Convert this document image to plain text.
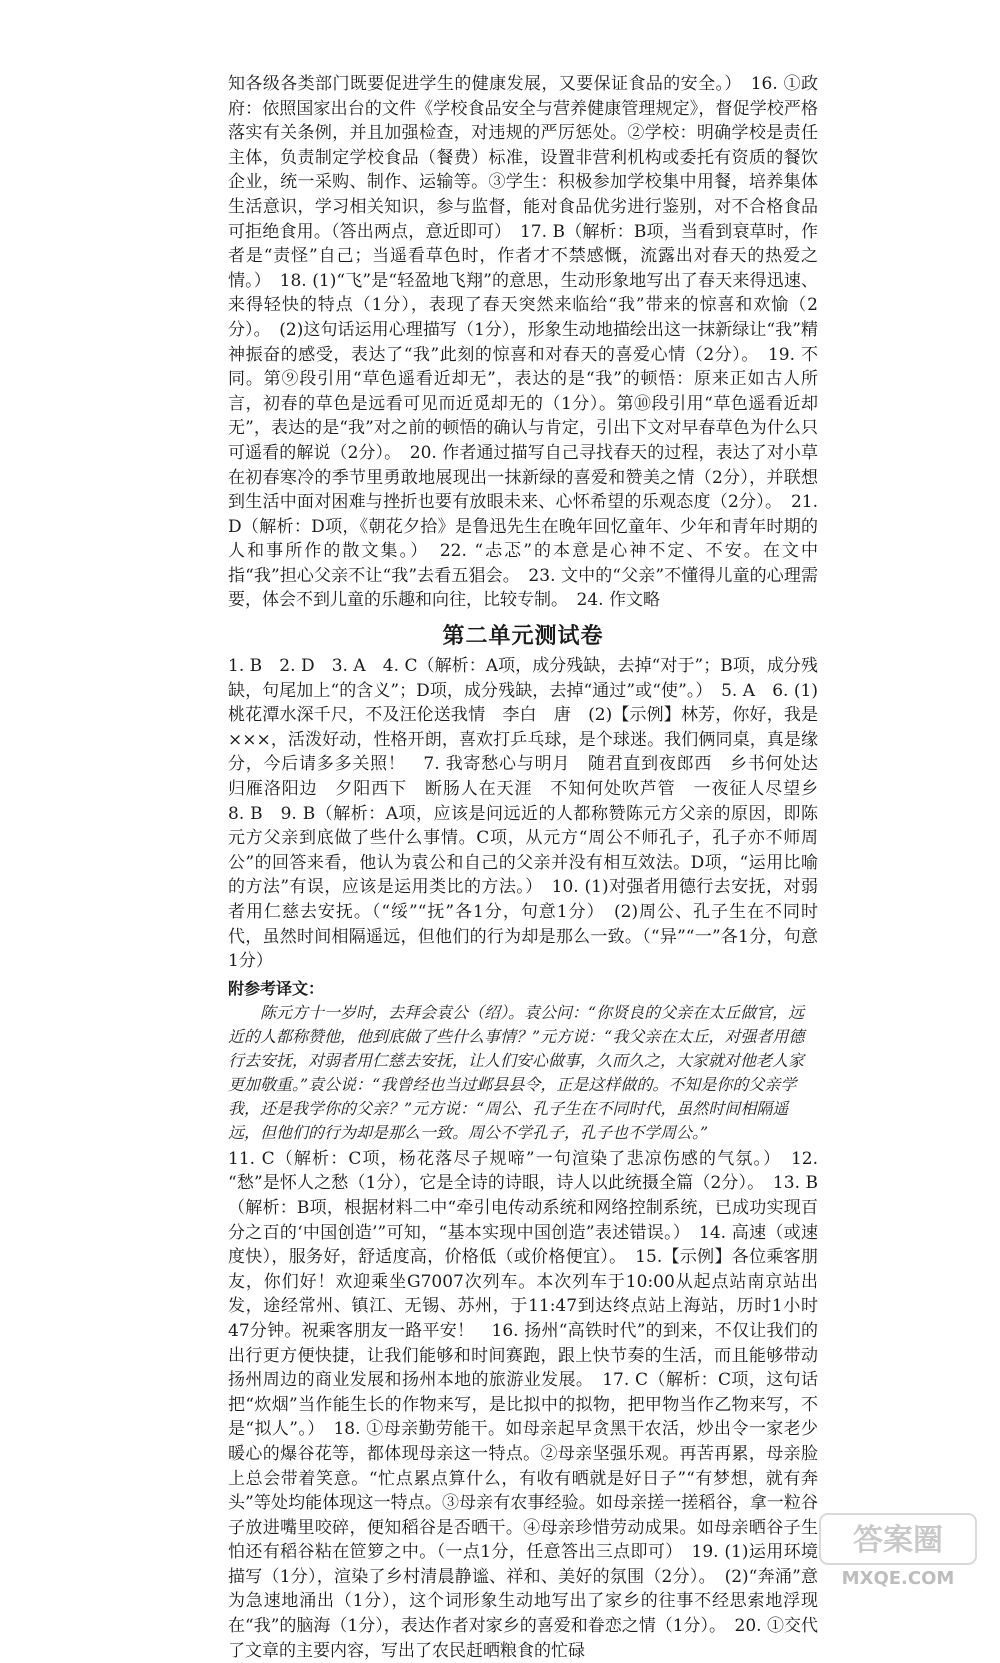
知各级各类部门既要促进学生的健康发展，又要保证食品的安全。）　16. ①政府：依照国家出台的文件《学校食品安全与营养健康管理规定》，督促学校严格落实有关条例，并且加强检查，对违规的严厉惩处。②学校：明确学校是责任主体，负责制定学校食品（餐费）标准，设置非营利机构或委托有资质的餐饮企业，统一采购、制作、运输等。③学生：积极参加学校集中用餐，培养集体生活意识，学习相关知识，参与监督，能对食品优劣进行鉴别，对不合格食品可拒绝食用。（答出两点，意近即可）　17. B（解析：B项，当看到衰草时，作者是“责怪”自己；当遥看草色时，作者才不禁感慨，流露出对春天的热爱之情。）　18. (1)“飞”是“轻盈地飞翔”的意思，生动形象地写出了春天来得迅速、来得轻快的特点（1分），表现了春天突然来临给“我”带来的惊喜和欢愉（2分）。　(2)这句话运用心理描写（1分），形象生动地描绘出这一抹新绿让“我”精神振奋的感受，表达了“我”此刻的惊喜和对春天的喜爱心情（2分）。　19. 不同。第⑨段引用“草色遥看近却无”，表达的是“我”的顿悟：原来正如古人所言，初春的草色是远看可见而近觅却无的（1分）。第⑩段引用“草色遥看近却无”，表达的是“我”对之前的顿悟的确认与肯定，引出下文对早春草色为什么只可遥看的解说（2分）。　20. 作者通过描写自己寻找春天的过程，表达了对小草在初春寒冷的季节里勇敢地展现出一抹新绿的喜爱和赞美之情（2分），并联想到生活中面对困难与挫折也要有放眼未来、心怀希望的乐观态度（2分）。　21. D（解析：D项，《朝花夕拾》是鲁迅先生在晚年回忆童年、少年和青年时期的人和事所作的散文集。）　22. “忐忑”的本意是心神不定、不安。在文中指“我”担心父亲不让“我”去看五猖会。　23. 文中的“父亲”不懂得儿童的心理需要，体会不到儿童的乐趣和向往，比较专制。　24. 作文略

第二单元测试卷

1. B　2. D　3. A　4. C（解析：A项，成分残缺，去掉“对于”；B项，成分残缺，句尾加上“的含义”；D项，成分残缺，去掉“通过”或“使”。）　5. A　6. (1)桃花潭水深千尺，不及汪伦送我情　李白　唐　(2)【示例】林芳，你好，我是×××，活泼好动，性格开朗，喜欢打乒乓球，是个球迷。我们俩同桌，真是缘分，今后请多多关照！　7. 我寄愁心与明月　随君直到夜郎西　乡书何处达　归雁洛阳边　夕阳西下　断肠人在天涯　不知何处吹芦管　一夜征人尽望乡　8. B　9. B（解析：A项，应该是问远近的人都称赞陈元方父亲的原因，即陈元方父亲到底做了些什么事情。C项，从元方“周公不师孔子，孔子亦不师周公”的回答来看，他认为袁公和自己的父亲并没有相互效法。D项，“运用比喻的方法”有误，应该是运用类比的方法。）　10. (1)对强者用德行去安抚，对弱者用仁慈去安抚。（“绥”“抚”各1分，句意1分）　(2)周公、孔子生在不同时代，虽然时间相隔遥远，但他们的行为却是那么一致。（“异”“一”各1分，句意1分）

附参考译文：

陈元方十一岁时，去拜会袁公（绍）。袁公问：“你贤良的父亲在太丘做官，远近的人都称赞他，他到底做了些什么事情？”元方说：“我父亲在太丘，对强者用德行去安抚，对弱者用仁慈去安抚，让人们安心做事，久而久之，大家就对他老人家更加敬重。”袁公说：“我曾经也当过邺县县令，正是这样做的。不知是你的父亲学我，还是我学你的父亲？”元方说：“周公、孔子生在不同时代，虽然时间相隔遥远，但他们的行为却是那么一致。周公不学孔子，孔子也不学周公。”

11. C（解析：C项，杨花落尽子规啼”一句渲染了悲凉伤感的气氛。）　12. “愁”是怀人之愁（1分），它是全诗的诗眼，诗人以此统摄全篇（2分）。　13. B（解析：B项，根据材料二中“牵引电传动系统和网络控制系统，已成功实现百分之百的‘中国创造’”可知，“基本实现中国创造”表述错误。）　14. 高速（或速度快），服务好，舒适度高，价格低（或价格便宜）。　15.【示例】各位乘客朋友，你们好！欢迎乘坐G7007次列车。本次列车于10:00从起点站南京站出发，途经常州、镇江、无锡、苏州，于11:47到达终点站上海站，历时1小时47分钟。祝乘客朋友一路平安！　16. 扬州“高铁时代”的到来，不仅让我们的出行更方便快捷，让我们能够和时间赛跑，跟上快节奏的生活，而且能够带动扬州周边的商业发展和扬州本地的旅游业发展。　17. C（解析：C项，这句话把“炊烟”当作能生长的作物来写，是比拟中的拟物，把甲物当作乙物来写，不是“拟人”。）　18. ①母亲勤劳能干。如母亲起早贪黑干农活，炒出令一家老少暖心的爆谷花等，都体现母亲这一特点。②母亲坚强乐观。再苦再累，母亲脸上总会带着笑意。“忙点累点算什么，有收有晒就是好日子”“有梦想，就有奔头”等处均能体现这一特点。③母亲有农事经验。如母亲搓一搓稻谷，拿一粒谷子放进嘴里咬碎，便知稻谷是否晒干。④母亲珍惜劳动成果。如母亲晒谷子生怕还有稻谷粘在笸箩之中。（一点1分，任意答出三点即可）　19. (1)运用环境描写（1分），渲染了乡村清晨静谧、祥和、美好的氛围（2分）。　(2)“奔涌”意为急速地涌出（1分），这个词形象生动地写出了家乡的往事不经思索地浮现在“我”的脑海（1分），表达作者对家乡的喜爱和眷恋之情（1分）。　20. ①交代了文章的主要内容，写出了农民赶晒粮食的忙碌

答案圈
MXQE.COM
